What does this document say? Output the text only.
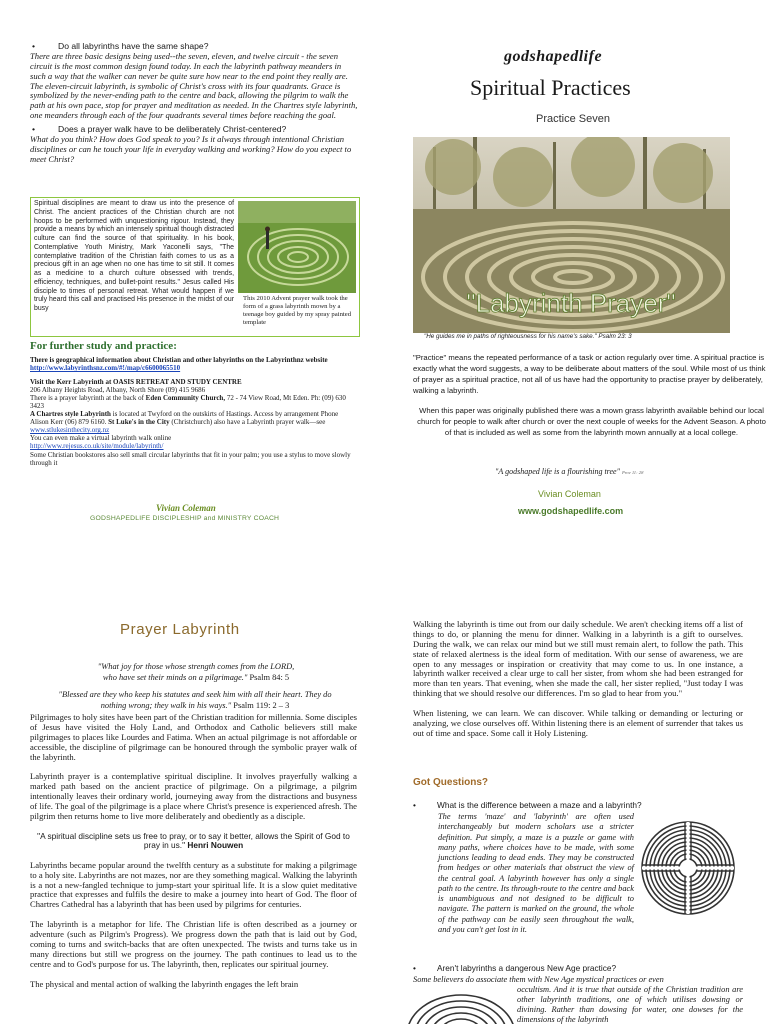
• Do all labyrinths have the same shape?

There are three basic designs being used--the seven, eleven, and twelve circuit - the seven circuit is the most common design found today. In each the labyrinth pathway meanders in such a way that the walker can never be quite sure how near to the end point they really are. The eleven-circuit labyrinth, is symbolic of Christ's cross with its four quadrants. Grace is symbolized by the never-ending path to the centre and back, allowing the pilgrim to walk the path at his own pace, stop for prayer and meditation as needed. In the Chartres style labyrinth, one meanders through each of the four quadrants several times before reaching the goal.

• Does a prayer walk have to be deliberately Christ-centered?

What do you think? How does God speak to you? Is it always through intentional Christian disciplines or can he touch your life in everyday walking and working? How do you expect to meet Christ?

Spiritual disciplines are meant to draw us into the presence of Christ. The ancient practices of the Christian church are not hoops to be performed with unquestioning rigour. Instead, they provide a means by which an intensely spiritual though distracted culture can find the source of that spirituality. In his book, Contemplative Youth Ministry, Mark Yaconelli says, "The contemplative tradition of the Christian faith comes to us as a precious gift in an age when no one has time to sit still. It comes as a medicine to a church culture obsessed with trends, efficiency, techniques, and bullet-point results." Jesus called His disciple to times of personal retreat. What would happen if we truly heard this call and practised His presence in the midst of our busy
This 2010 Advent prayer walk took the form of a grass labyrinth mown by a teenage boy guided by my spray painted template
For further study and practice:
There is geographical information about Christian and other labyrinths on the Labyrinthnz website http://www.labyrinthsnz.com/#!/map/c6600065510
Visit the Kerr Labyrinth at OASIS RETREAT AND STUDY CENTRE
206 Albany Heights Road, Albany, North Shore (09) 415 9686
There is a prayer labyrinth at the back of Eden Community Church, 72 - 74 View Road, Mt Eden. Ph: (09) 630 3423
A Chartres style Labyrinth is located at Twyford on the outskirts of Hastings. Access by arrangement Phone Alison Kerr (06) 879 6160. St Luke's in the City (Christchurch) also have a Labyrinth prayer walk—see www.stlukesinthecity.org.nz
You can even make a virtual labyrinth walk online
http://www.rejesus.co.uk/site/module/labyrinth/
Some Christian bookstores also sell small circular labyrinths that fit in your palm; you use a stylus to move slowly through it
Vivian Coleman
GODSHAPEDLIFE DISCIPLESHIP and MINISTRY COACH
godshapedlife
Spiritual Practices
Practice Seven
"Labyrinth Prayer"
"He guides me in paths of righteousness for his name's sake." Psalm 23: 3
"Practice" means the repeated performance of a task or action regularly over time. A spiritual practice is exactly what the word suggests, a way to be deliberate about matters of the soul. While most of us think of prayer as a spiritual practice, not all of us have had the opportunity to practise prayer by deliberately, walking a labyrinth.
When this paper was originally published there was a mown grass labyrinth available behind our local church for people to walk after church or over the next couple of weeks for the Advent Season. A photo of that is included as well as some from the labyrinth mown annually at a local college.
"A godshaped life is a flourishing tree" Prov 11: 28
Vivian Coleman
www.godshapedlife.com
Prayer Labyrinth
"What joy for those whose strength comes from the LORD, who have set their minds on a pilgrimage." Psalm 84: 5
"Blessed are they who keep his statutes and seek him with all their heart. They do nothing wrong; they walk in his ways." Psalm 119: 2 – 3

Pilgrimages to holy sites have been part of the Christian tradition for millennia. Some disciples of Jesus have visited the Holy Land, and Orthodox and Catholic believers still make pilgrimages to places like Lourdes and Fatima. When an actual pilgrimage is not affordable or accessible, the discipline of pilgrimage can be honoured through the symbolic prayer walk of the labyrinth.

Labyrinth prayer is a contemplative spiritual discipline. It involves prayerfully walking a marked path based on the ancient practice of pilgrimage. On a pilgrimage, a pilgrim intentionally leaves their ordinary world, journeying away from the distractions and busyness of life. The goal of the pilgrimage is a place where Christ's presence is experienced afresh. The pilgrim then returns home to live more deliberately and obediently as a disciple.

"A spiritual discipline sets us free to pray, or to say it better, allows the Spirit of God to pray in us." Henri Nouwen

Labyrinths became popular around the twelfth century as a substitute for making a pilgrimage to a holy site. Labyrinths are not mazes, nor are they something magical. Walking the labyrinth is a not a new-fangled technique to jump-start your spiritual life. It is a slow quiet meditative practice that expresses and fulfils the desire to make a journey into heart of God. The floor of Chartres Cathedral has a labyrinth that has been used by pilgrims for centuries.

The labyrinth is a metaphor for life. The Christian life is often described as a journey or adventure (such as Pilgrim's Progress). We progress down the path that is laid out by God, coming to turns and switch-backs that are often unexpected. The twists and turns take us in many directions but still we progress on the journey. The path continues to lead us to the centre and to God's purpose for us. The labyrinth, then, replicates our spiritual journey.

The physical and mental action of walking the labyrinth engages the left brain

Walking the labyrinth is time out from our daily schedule. We aren't checking items off a list of things to do, or planning the menu for dinner. Walking in a labyrinth is a gift to ourselves. During the walk, we can relax our mind but we still must remain alert, to follow the path. This state of relaxed alertness is the ideal form of meditation. With our sense of awareness, we are open to any messages or inspiration or creativity that may come to us. In one instance, a labyrinth walker received a clear urge to call her sister, from whom she had been estranged for more than ten years. That evening, when she made the call, her sister replied, "Just today I was thinking that we should resolve our differences. I'm so glad to hear from you."

When listening, we can learn. We can discover. While talking or demanding or lecturing or analyzing, we close ourselves off. Within listening there is an element of surrender that takes us out of time and space. Some call it Holy Listening.

Got Questions?
• What is the difference between a maze and a labyrinth?
The terms 'maze' and 'labyrinth' are often used interchangeably but modern scholars use a stricter definition. Put simply, a maze is a puzzle or game with many paths, where choices have to be made, with some junctions leading to dead ends. They may be constructed from hedges or other materials that obstruct the view of the central goal. A labyrinth however has only a single path to the centre. Its through-route to the centre and back is unambiguous and not designed to be difficult to navigate. The pattern is marked on the ground, the whole of the pathway can be easily seen throughout the walk, and you can't get lost in it.
• Aren't labyrinths a dangerous New Age practice?
Some believers do associate them with New Age mystical practices or even
occultism. And it is true that outside of the Christian tradition are other labyrinth traditions, one of which utilises dowsing or divining. Rather than dowsing for water, one dowses for the dimensions of the labyrinth
